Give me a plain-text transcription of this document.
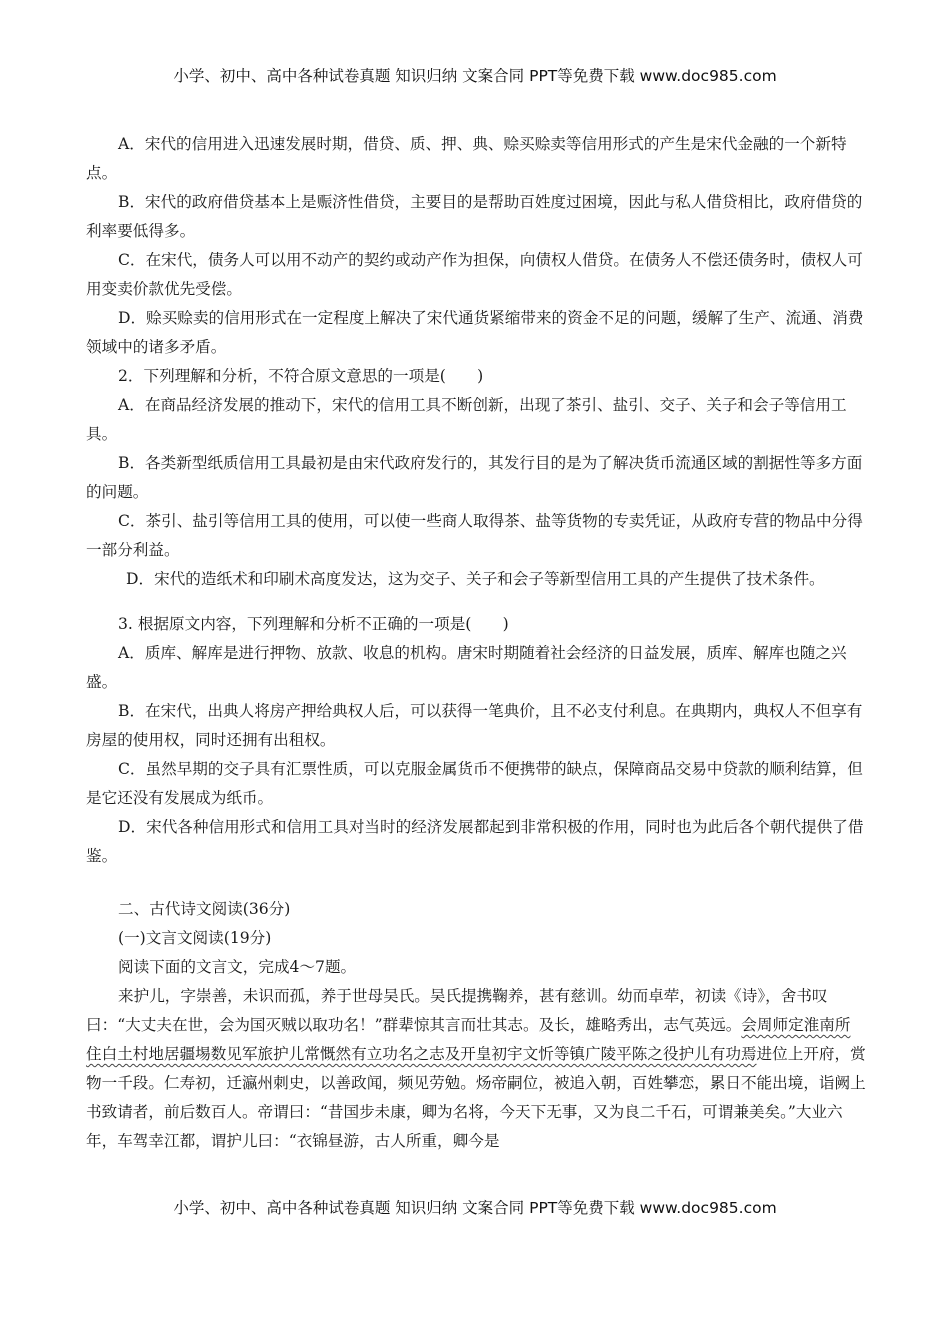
小学、初中、高中各种试卷真题 知识归纳 文案合同 PPT等免费下载 www.doc985.com

A．宋代的信用进入迅速发展时期，借贷、质、押、典、赊买赊卖等信用形式的产生是宋代金融的一个新特点。

B．宋代的政府借贷基本上是赈济性借贷，主要目的是帮助百姓度过困境，因此与私人借贷相比，政府借贷的利率要低得多。

C．在宋代，债务人可以用不动产的契约或动产作为担保，向债权人借贷。在债务人不偿还债务时，债权人可用变卖价款优先受偿。

D．赊买赊卖的信用形式在一定程度上解决了宋代通货紧缩带来的资金不足的问题，缓解了生产、流通、消费领域中的诸多矛盾。

2．下列理解和分析，不符合原文意思的一项是(　　)

A．在商品经济发展的推动下，宋代的信用工具不断创新，出现了茶引、盐引、交子、关子和会子等信用工具。

B．各类新型纸质信用工具最初是由宋代政府发行的，其发行目的是为了解决货币流通区域的割据性等多方面的问题。

C．茶引、盐引等信用工具的使用，可以使一些商人取得茶、盐等货物的专卖凭证，从政府专营的物品中分得一部分利益。

D．宋代的造纸术和印刷术高度发达，这为交子、关子和会子等新型信用工具的产生提供了技术条件。

3. 根据原文内容，下列理解和分析不正确的一项是(　　)

A．质库、解库是进行押物、放款、收息的机构。唐宋时期随着社会经济的日益发展，质库、解库也随之兴盛。

B．在宋代，出典人将房产押给典权人后，可以获得一笔典价，且不必支付利息。在典期内，典权人不但享有房屋的使用权，同时还拥有出租权。

C．虽然早期的交子具有汇票性质，可以克服金属货币不便携带的缺点，保障商品交易中贷款的顺利结算，但是它还没有发展成为纸币。

D．宋代各种信用形式和信用工具对当时的经济发展都起到非常积极的作用，同时也为此后各个朝代提供了借鉴。

二、古代诗文阅读(36分)

(一)文言文阅读(19分)

阅读下面的文言文，完成4～7题。

来护儿，字崇善，未识而孤，养于世母吴氏。吴氏提携鞠养，甚有慈训。幼而卓荦，初读《诗》，舍书叹曰：“大丈夫在世，会为国灭贼以取功名！”群辈惊其言而壮其志。及长，雄略秀出，志气英远。会周师定淮南所住白土村地居疆埸数见军旅护儿常慨然有立功名之志及开皇初宇文忻等镇广陵平陈之役护儿有功焉进位上开府，赏物一千段。仁寿初，迁瀛州刺史，以善政闻，频见劳勉。炀帝嗣位，被追入朝，百姓攀恋，累日不能出境，诣阙上书致请者，前后数百人。帝谓曰：“昔国步未康，卿为名将，今天下无事，又为良二千石，可谓兼美矣。”大业六年，车驾幸江都，谓护儿曰：“衣锦昼游，古人所重，卿今是

小学、初中、高中各种试卷真题 知识归纳 文案合同 PPT等免费下载 www.doc985.com
